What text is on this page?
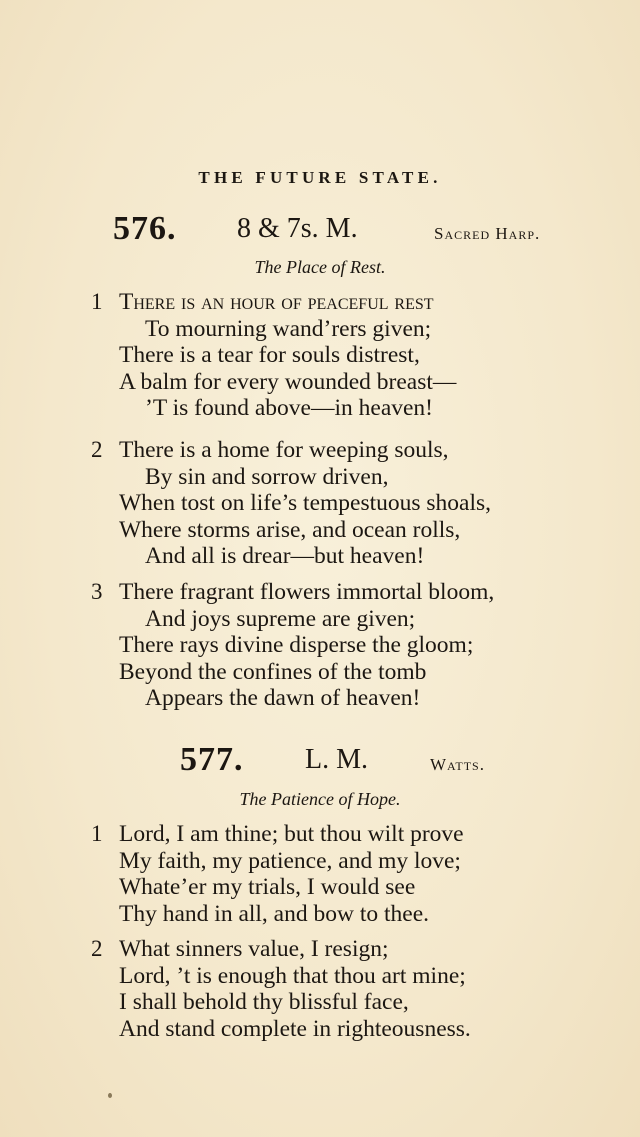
THE FUTURE STATE.
576. 8 & 7s. M.	Sacred Harp.
The Place of Rest.
1 There is an hour of peaceful rest
To mourning wand’rers given;
There is a tear for souls distrest,
A balm for every wounded breast—
’T is found above—in heaven!
2 There is a home for weeping souls,
By sin and sorrow driven,
When tost on life’s tempestuous shoals,
Where storms arise, and ocean rolls,
And all is drear—but heaven!
3 There fragrant flowers immortal bloom,
And joys supreme are given;
There rays divine disperse the gloom;
Beyond the confines of the tomb
Appears the dawn of heaven!
577. L. M.	Watts.
The Patience of Hope.
1 Lord, I am thine; but thou wilt prove
My faith, my patience, and my love;
Whate’er my trials, I would see
Thy hand in all, and bow to thee.
2 What sinners value, I resign;
Lord, ’t is enough that thou art mine;
I shall behold thy blissful face,
And stand complete in righteousness.
